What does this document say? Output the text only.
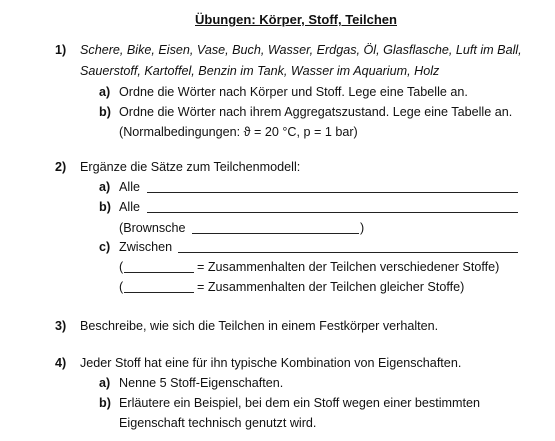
Übungen: Körper, Stoff, Teilchen
1) Schere, Bike, Eisen, Vase, Buch, Wasser, Erdgas, Öl, Glasflasche, Luft im Ball,
Sauerstoff, Kartoffel, Benzin im Tank, Wasser im Aquarium, Holz
a) Ordne die Wörter nach Körper und Stoff. Lege eine Tabelle an.
b) Ordne die Wörter nach ihrem Aggregatszustand. Lege eine Tabelle an.
(Normalbedingungen: ϑ = 20 °C, p = 1 bar)
2) Ergänze die Sätze zum Teilchenmodell:
a) Alle
b) Alle
(Brownsche	)
c) Zwischen
(	= Zusammenhalten der Teilchen verschiedener Stoffe)
(	= Zusammenhalten der Teilchen gleicher Stoffe)
3) Beschreibe, wie sich die Teilchen in einem Festkörper verhalten.
4) Jeder Stoff hat eine für ihn typische Kombination von Eigenschaften.
a) Nenne 5 Stoff-Eigenschaften.
b) Erläutere ein Beispiel, bei dem ein Stoff wegen einer bestimmten
Eigenschaft technisch genutzt wird.
